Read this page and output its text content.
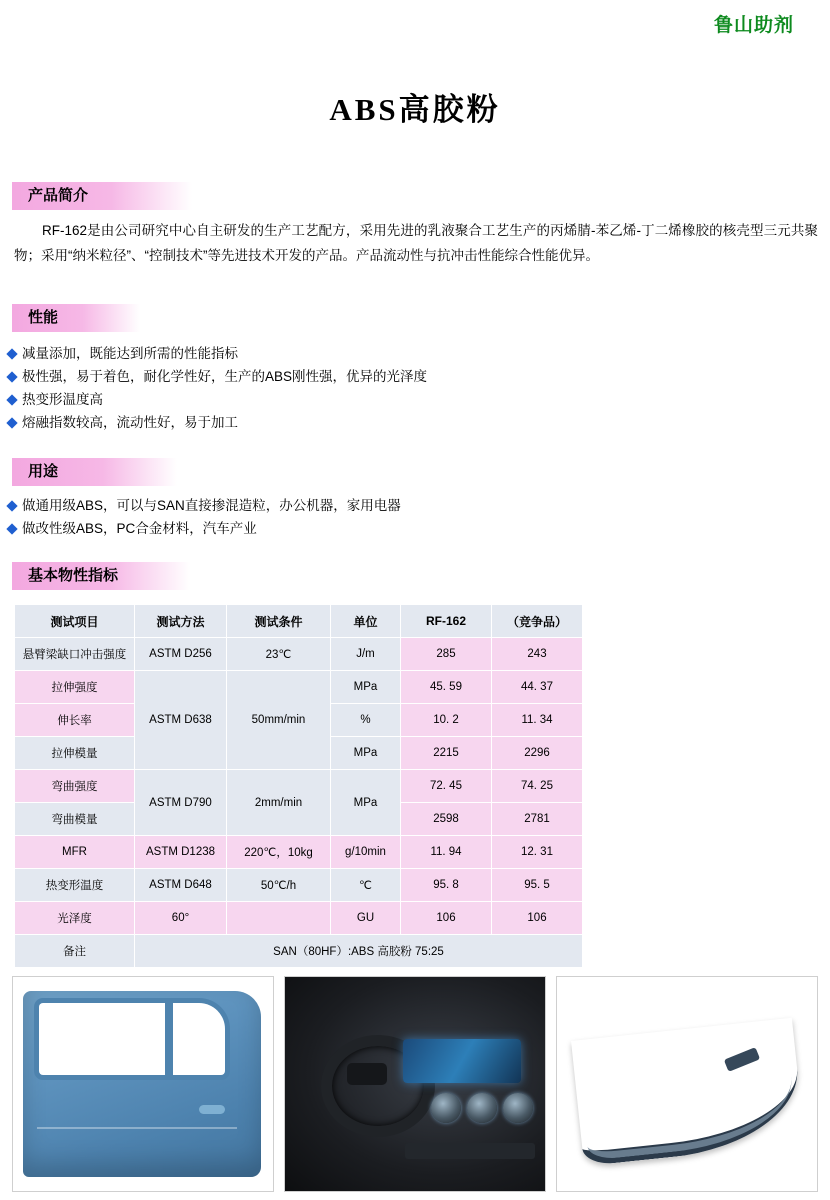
鲁山助剂
ABS高胶粉
产品简介
RF-162是由公司研究中心自主研发的生产工艺配方，采用先进的乳液聚合工艺生产的丙烯腈-苯乙烯-丁二烯橡胶的核壳型三元共聚物；采用“纳米粒径”、“控制技术”等先进技术开发的产品。产品流动性与抗冲击性能综合性能优异。
性能
减量添加，既能达到所需的性能指标
极性强，易于着色，耐化学性好，生产的ABS刚性强，优异的光泽度
热变形温度高
熔融指数较高，流动性好，易于加工
用途
做通用级ABS，可以与SAN直接掺混造粒，办公机器，家用电器
做改性级ABS，PC合金材料，汽车产业
基本物性指标
测试项目	测试方法	测试条件	单位	RF-162	（竞争品）
悬臂梁缺口冲击强度	ASTM D256	23℃	J/m	285	243
拉伸强度	ASTM D638	50mm/min	MPa	45. 59	44. 37
伸长率			%	10. 2	11. 34
拉伸模量			MPa	2215	2296
弯曲强度	ASTM D790	2mm/min	MPa	72. 45	74. 25
弯曲模量				2598	2781
MFR	ASTM D1238	220℃，10kg	g/10min	11. 94	12. 31
热变形温度	ASTM D648	50℃/h	℃	95. 8	95. 5
光泽度	60°		GU	106	106
备注	SAN（80HF）:ABS 高胶粉 75:25				
